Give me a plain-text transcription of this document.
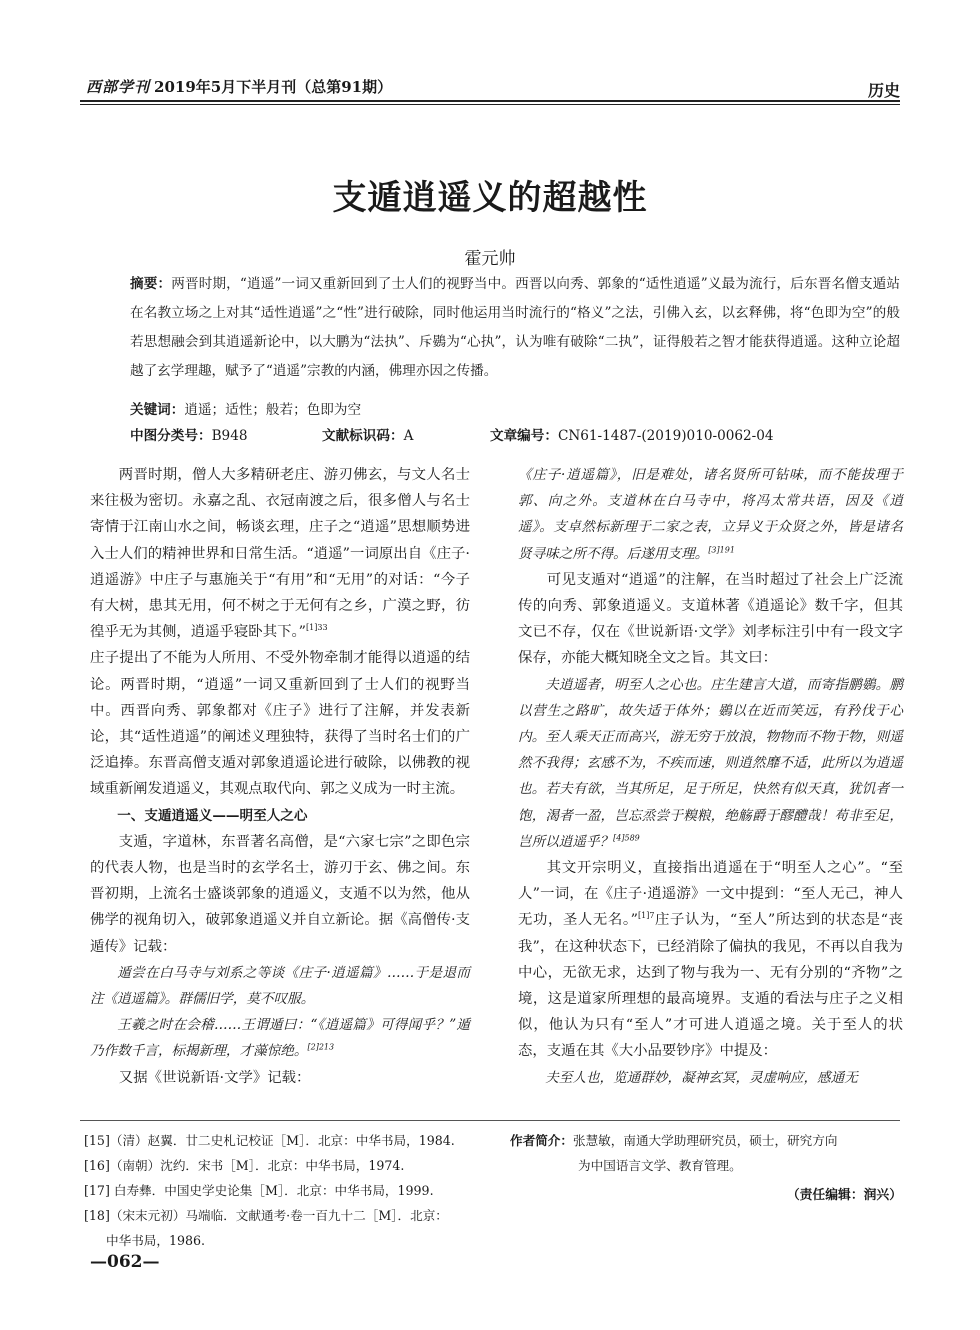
西部学刊 2019年5月下半月刊（总第91期）	历史
支遁逍遥义的超越性
霍元帅
摘要：两晋时期，“逍遥”一词又重新回到了士人们的视野当中。西晋以向秀、郭象的“适性逍遥”义最为流行，后东晋名僧支遁站在名教立场之上对其“适性逍遥”之“性”进行破除，同时他运用当时流行的“格义”之法，引佛入玄，以玄释佛，将“色即为空”的般若思想融会到其逍遥新论中，以大鹏为“法执”、斥鷃为“心执”，认为唯有破除“二执”，证得般若之智才能获得逍遥。这种立论超越了玄学理趣，赋予了“逍遥”宗教的内涵，佛理亦因之传播。
关键词：逍遥；适性；般若；色即为空
中图分类号：B948	文献标识码：A	文章编号：CN61-1487-(2019)010-0062-04

两晋时期，僧人大多精研老庄、游刃佛玄，与文人名士来往极为密切。永嘉之乱、衣冠南渡之后，很多僧人与名士寄情于江南山水之间，畅谈玄理，庄子之“逍遥”思想顺势进入士人们的精神世界和日常生活。“逍遥”一词原出自《庄子·逍遥游》中庄子与惠施关于“有用”和“无用”的对话：“今子有大树，患其无用，何不树之于无何有之乡，广漠之野，彷徨乎无为其侧，逍遥乎寝卧其下。”$^{[1]33}$

庄子提出了不能为人所用、不受外物牵制才能得以逍遥的结论。两晋时期，“逍遥”一词又重新回到了士人们的视野当中。西晋向秀、郭象都对《庄子》进行了注解，并发表新论，其“适性逍遥”的阐述义理独特，获得了当时名士们的广泛追捧。东晋高僧支遁对郭象逍遥论进行破除，以佛教的视域重新阐发逍遥义，其观点取代向、郭之义成为一时主流。

一、支遁逍遥义——明至人之心

支遁，字道林，东晋著名高僧，是“六家七宗”之即色宗的代表人物，也是当时的玄学名士，游刃于玄、佛之间。东晋初期，上流名士盛谈郭象的逍遥义，支遁不以为然，他从佛学的视角切入，破郭象逍遥义并自立新论。据《高僧传·支遁传》记载：

遁尝在白马寺与刘系之等谈《庄子·逍遥篇》……于是退而注《逍遥篇》。群儒旧学，莫不叹服。

王羲之时在会稽……王谓遁曰：“《逍遥篇》可得闻乎？”遁乃作数千言，标揭新理，才藻惊绝。$^{[2]213}$

又据《世说新语·文学》记载：

《庄子·逍遥篇》，旧是难处，诸名贤所可钻味，而不能拔理于郭、向之外。支道林在白马寺中，将冯太常共语，因及《逍遥》。支卓然标新理于二家之表，立异义于众贤之外，皆是诸名贤寻味之所不得。后遂用支理。$^{[3]191}$

可见支遁对“逍遥”的注解，在当时超过了社会上广泛流传的向秀、郭象逍遥义。支道林著《逍遥论》数千字，但其文已不存，仅在《世说新语·文学》刘孝标注引中有一段文字保存，亦能大概知晓全文之旨。其文曰：

夫逍遥者，明至人之心也。庄生建言大道，而寄指鹏鷃。鹏以营生之路旷，故失适于体外；鷃以在近而笑远，有矜伐于心内。至人乘天正而高兴，游无穷于放浪，物物而不物于物，则遥然不我得；玄感不为，不疾而速，则逍然靡不适，此所以为逍遥也。若夫有欲，当其所足，足于所足，快然有似天真，犹饥者一饱，渴者一盈，岂忘烝尝于糗粮，绝觞爵于醪醴哉！苟非至足，岂所以逍遥乎？$^{[4]589}$

其文开宗明义，直接指出逍遥在于“明至人之心”。“至人”一词，在《庄子·逍遥游》一文中提到：“至人无己，神人无功，圣人无名。”$^{[1]7}$庄子认为，“至人”所达到的状态是“丧我”，在这种状态下，已经消除了偏执的我见，不再以自我为中心，无欲无求，达到了物与我为一、无有分别的“齐物”之境，这是道家所理想的最高境界。支遁的看法与庄子之义相似，他认为只有“至人”才可进人逍遥之境。关于至人的状态，支遁在其《大小品要钞序》中提及：

夫至人也，览通群妙，凝神玄冥，灵虚响应，感通无

[15]（清）赵翼．廿二史札记校证［M］．北京：中华书局，1984.
[16]（南朝）沈约．宋书［M］．北京：中华书局，1974.
[17] 白寿彝．中国史学史论集［M］．北京：中华书局，1999.
[18]（宋末元初）马端临．文献通考·卷一百九十二［M］．北京：
中华书局，1986.
作者简介：张慧敏，南通大学助理研究员，硕士，研究方向
为中国语言文学、教育管理。
（责任编辑：润兴）
—062—
